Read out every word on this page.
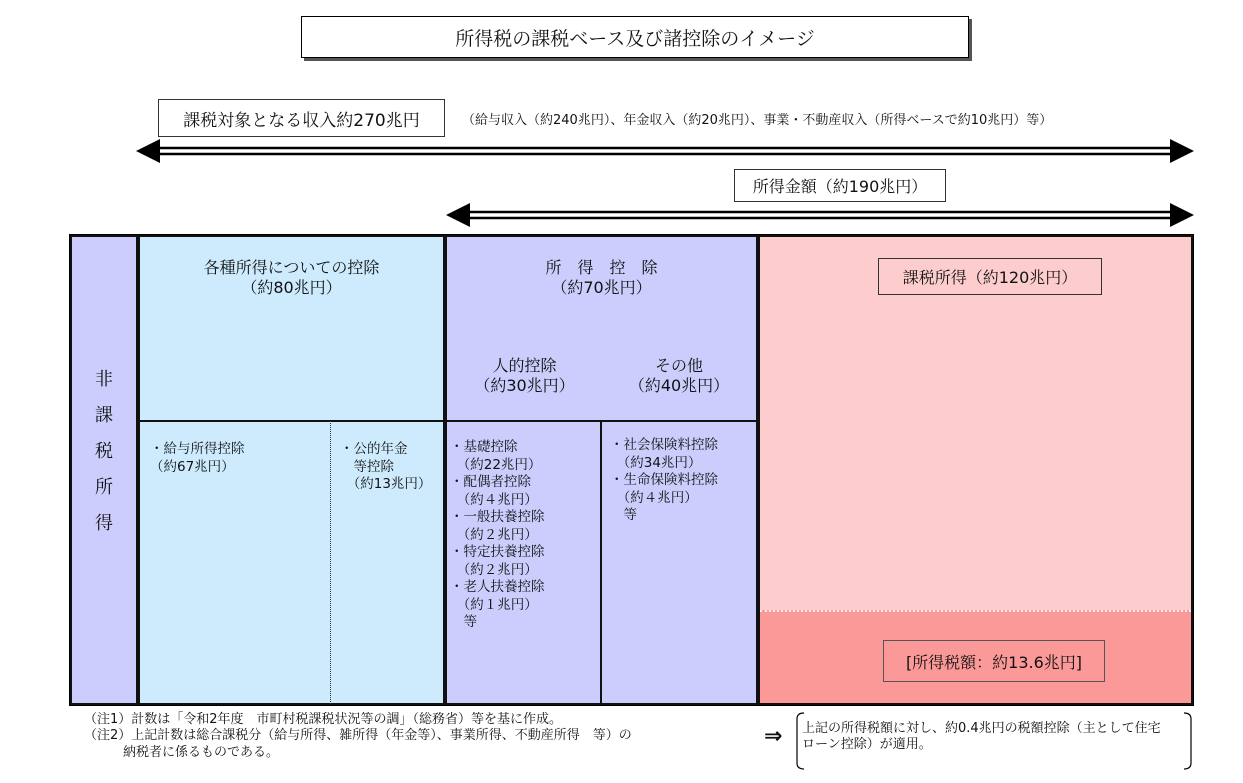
所得税の課税ベース及び諸控除のイメージ
課税対象となる収入約270兆円	（給与収入（約240兆円）、年金収入（約20兆円）、事業・不動産収入（所得ベースで約10兆円）等）
所得金額（約190兆円）
非
課
税
所
得
各種所得についての控除
（約80兆円）
・給与所得控除
（約67兆円）
・公的年金
　等控除
　（約13兆円）
所　得　控　除
（約70兆円）
人的控除
（約30兆円）
その他
（約40兆円）
・基礎控除
　（約22兆円）
・配偶者控除
　（約４兆円）
・一般扶養控除
　（約２兆円）
・特定扶養控除
　（約２兆円）
・老人扶養控除
　（約１兆円）
　等
・社会保険料控除
　（約34兆円）
・生命保険料控除
　（約４兆円）
　等
課税所得（約120兆円）
[所得税額：約13.6兆円]
（注1）計数は「令和2年度　市町村税課税状況等の調」（総務省）等を基に作成。
（注2）上記計数は総合課税分（給与所得、雑所得（年金等）、事業所得、不動産所得　等）の
　　　納税者に係るものである。
⇒ 上記の所得税額に対し、約0.4兆円の税額控除（主として住宅
ローン控除）が適用。
